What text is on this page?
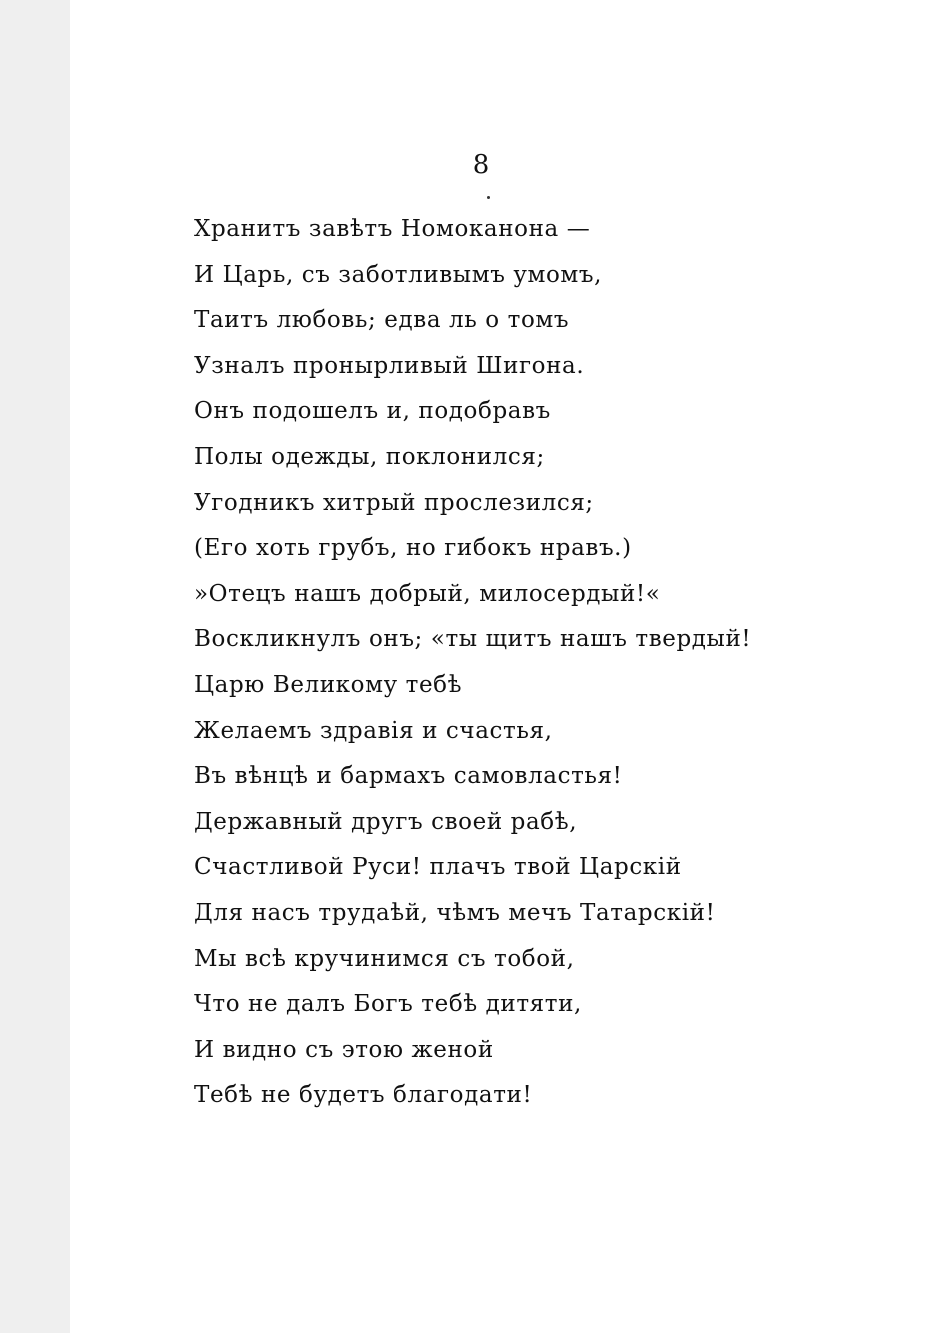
8
Хранитъ завѣтъ Номоканона —
И Царь, съ заботливымъ умомъ,
Таитъ любовь; едва ль о томъ
Узналъ пронырливый Шигона.
Онъ подошелъ и, подобравъ
Полы одежды, поклонился;
Угодникъ хитрый прослезился;
(Его хоть грубъ, но гибокъ нравъ.)
»Отецъ нашъ добрый, милосердый!«
Воскликнулъ онъ; «ты щитъ нашъ твердый!
Царю Великому тебѣ
Желаемъ здравія и счастья,
Въ вѣнцѣ и бармахъ самовластья!
Державный другъ своей рабѣ,
Счастливой Руси! плачъ твой Царскій
Для насъ трудаѣй, чѣмъ мечъ Татарскій!
Мы всѣ кручинимся съ тобой,
Что не далъ Богъ тебѣ дитяти,
И видно съ этою женой
Тебѣ не будетъ благодати!
